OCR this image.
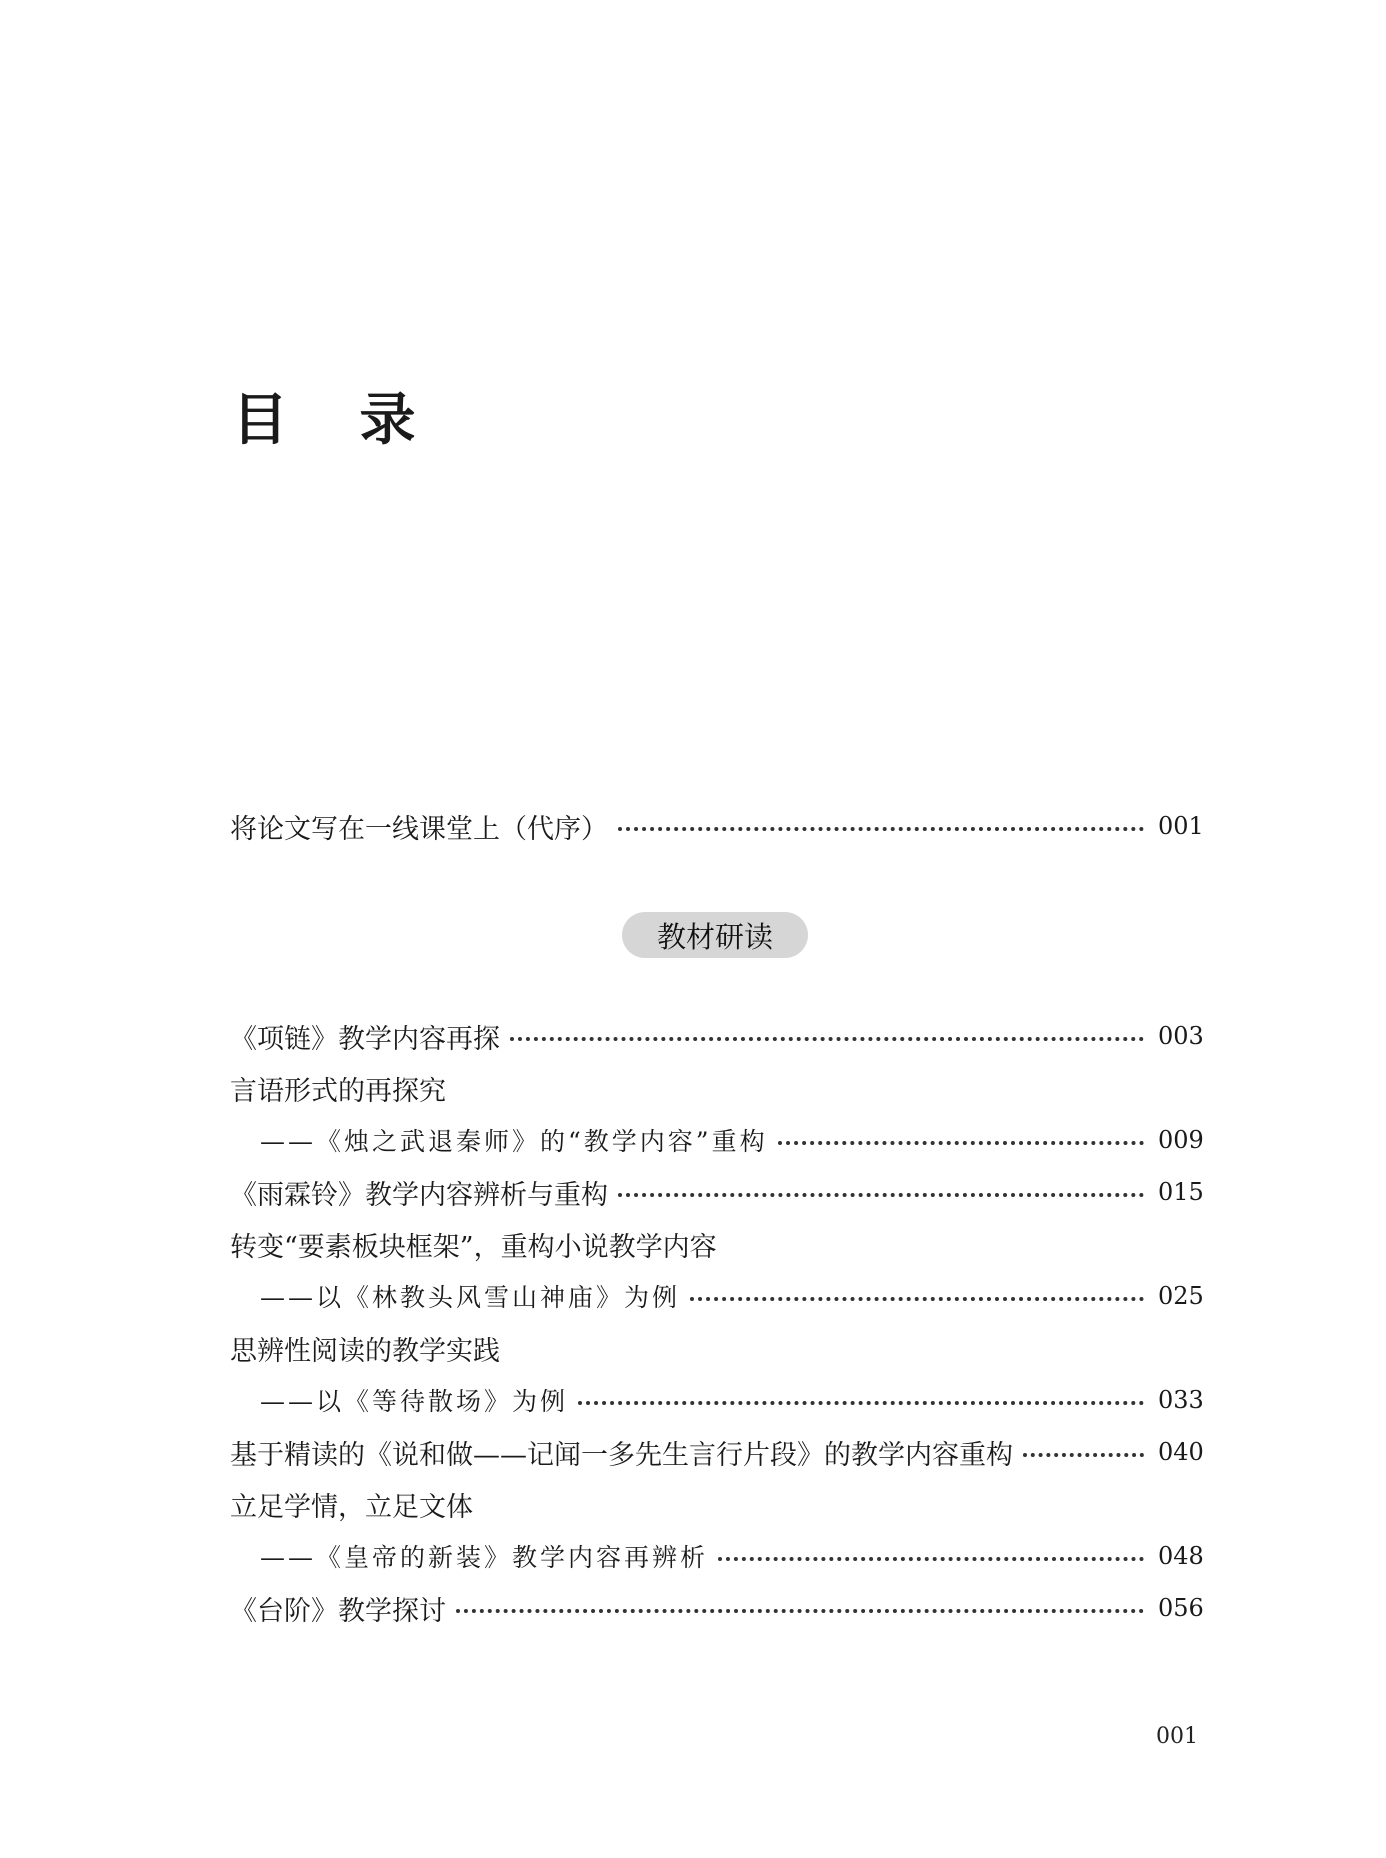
目 录
将论文写在一线课堂上（代序）	001
教材研读
《项链》教学内容再探	003
言语形式的再探究
——《烛之武退秦师》的“教学内容”重构	009
《雨霖铃》教学内容辨析与重构	015
转变“要素板块框架”，重构小说教学内容
——以《林教头风雪山神庙》为例	025
思辨性阅读的教学实践
——以《等待散场》为例	033
基于精读的《说和做——记闻一多先生言行片段》的教学内容重构	040
立足学情，立足文体
——《皇帝的新装》教学内容再辨析	048
《台阶》教学探讨	056
001
